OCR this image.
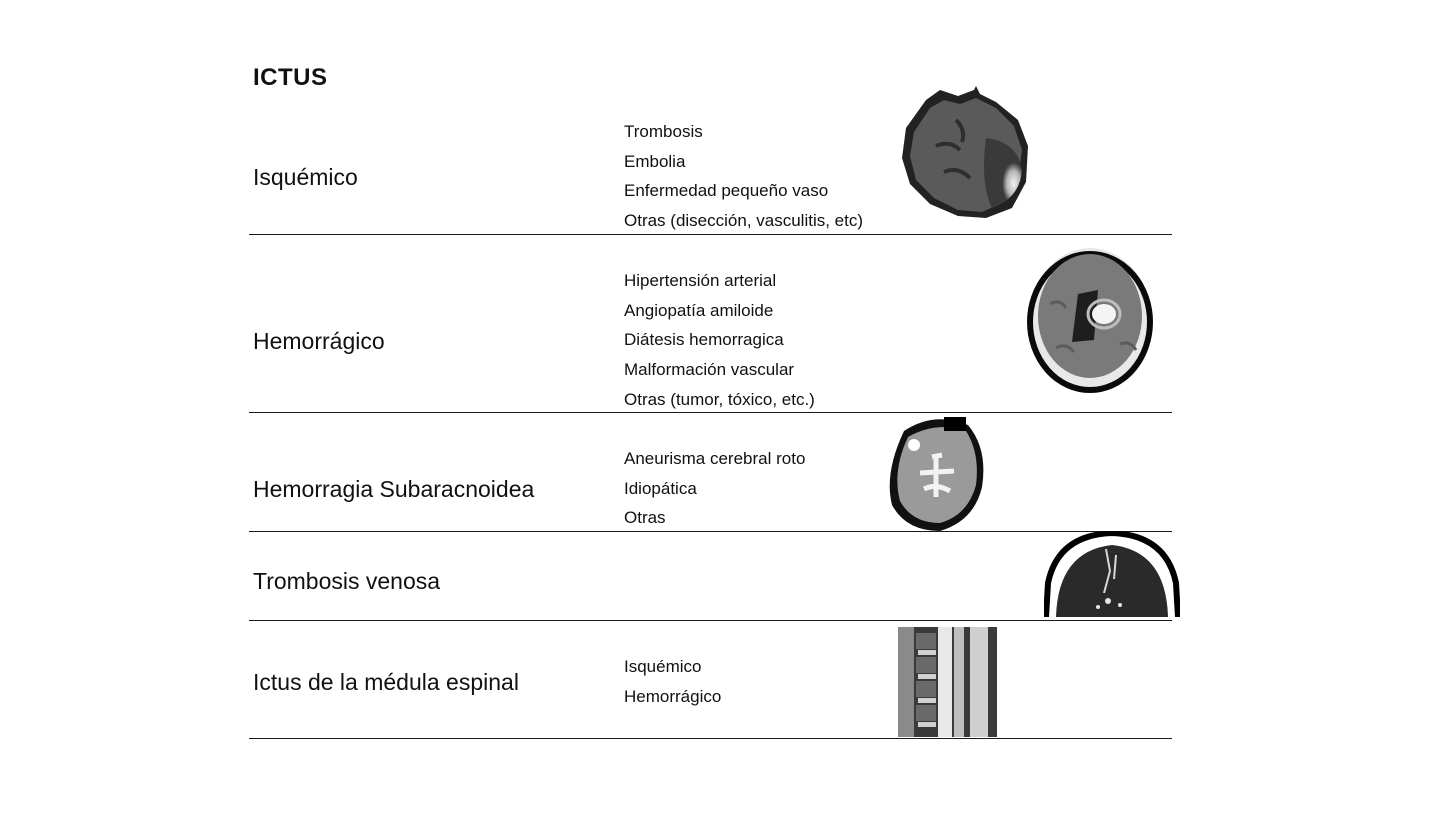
ICTUS
Isquémico
Trombosis
Embolia
Enfermedad pequeño vaso
Otras (disección, vasculitis, etc)
Hemorrágico
Hipertensión arterial
Angiopatía amiloide
Diátesis hemorragica
Malformación vascular
Otras (tumor, tóxico, etc.)
Hemorragia Subaracnoidea
Aneurisma cerebral roto
Idiopática
Otras
Trombosis venosa
Ictus de la médula espinal
Isquémico
Hemorrágico
